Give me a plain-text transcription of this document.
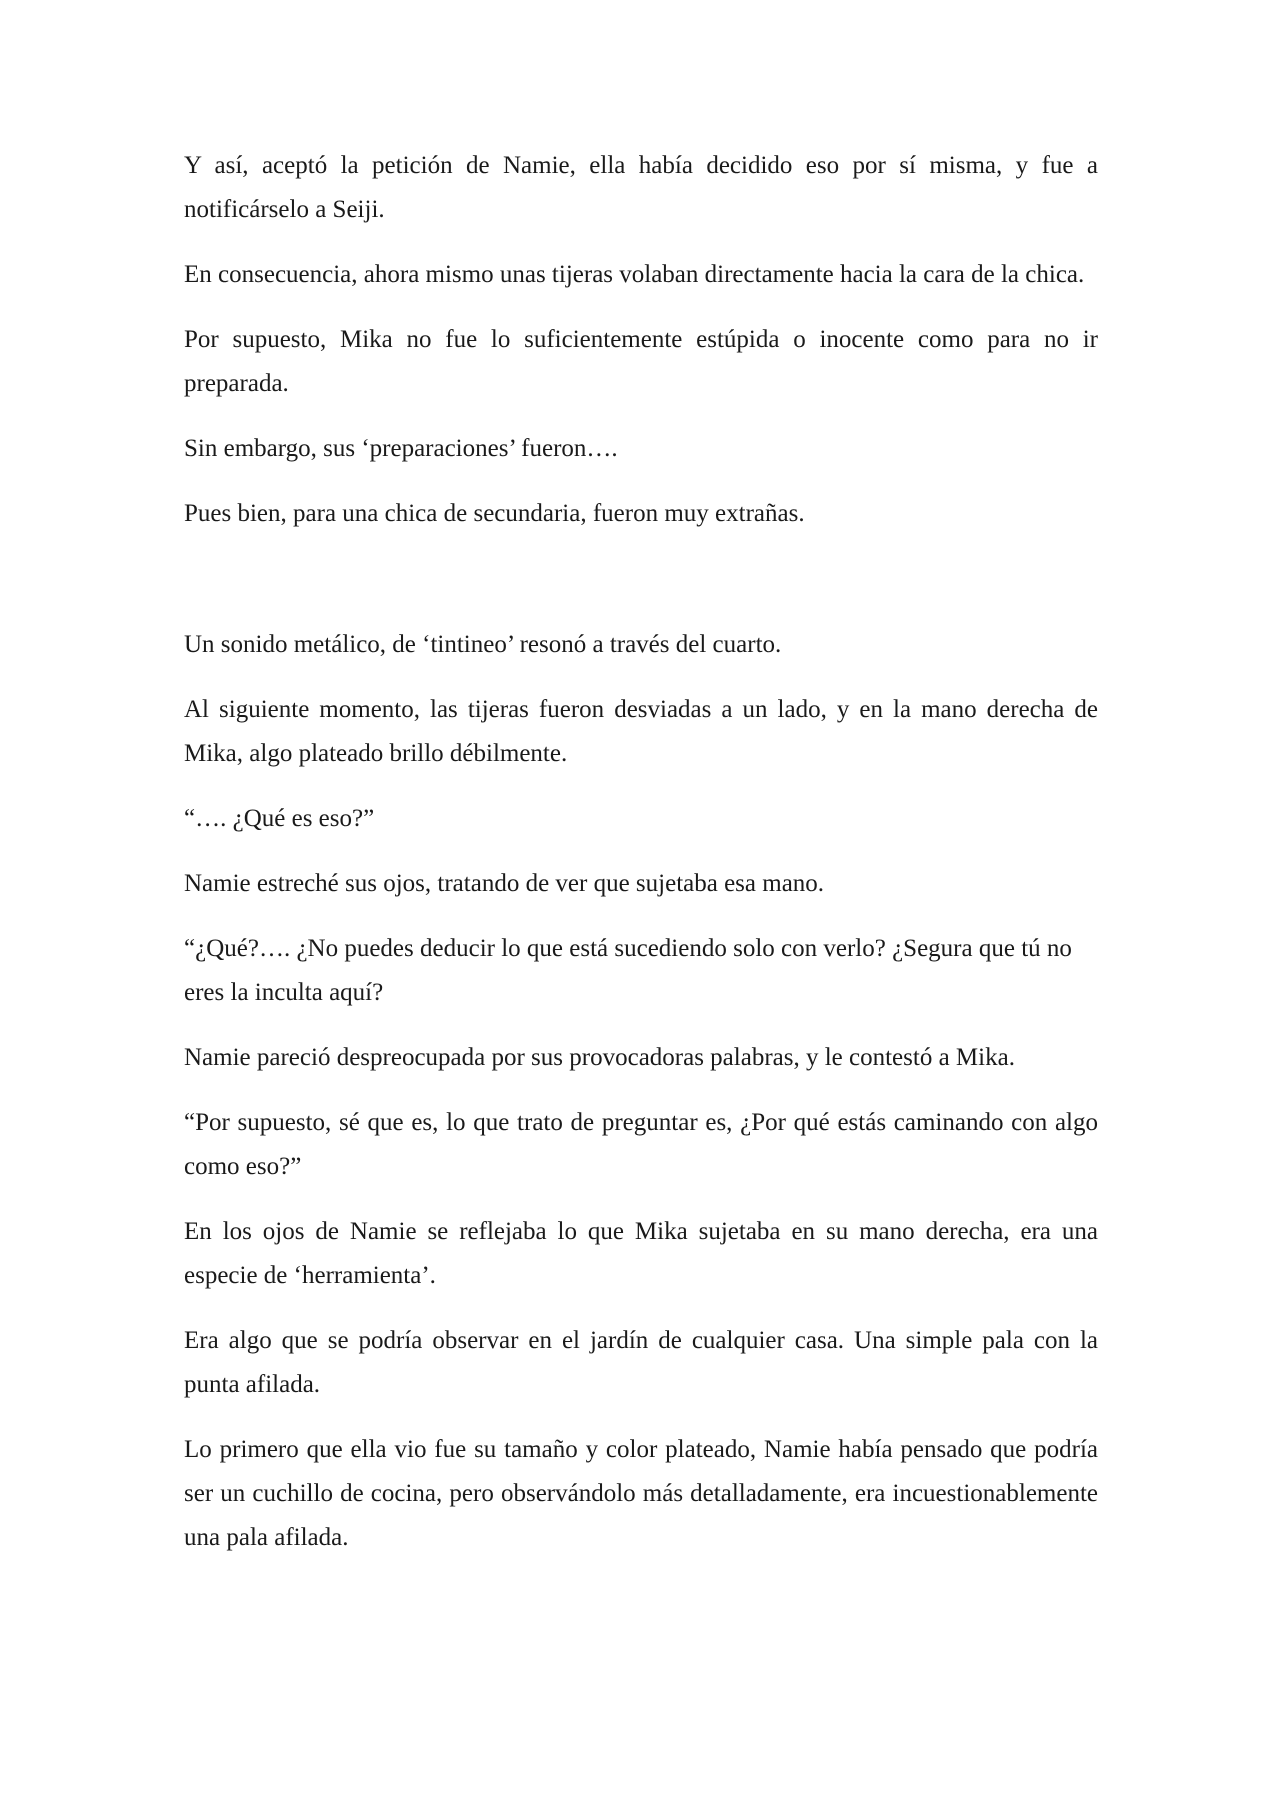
Y así, aceptó la petición de Namie, ella había decidido eso por sí misma, y fue a notificárselo a Seiji.

En consecuencia, ahora mismo unas tijeras volaban directamente hacia la cara de la chica.

Por supuesto, Mika no fue lo suficientemente estúpida o inocente como para no ir preparada.

Sin embargo, sus ‘preparaciones’ fueron….

Pues bien, para una chica de secundaria, fueron muy extrañas.

Un sonido metálico, de ‘tintineo’ resonó a través del cuarto.

Al siguiente momento, las tijeras fueron desviadas a un lado, y en la mano derecha de Mika, algo plateado brillo débilmente.

“…. ¿Qué es eso?”

Namie estreché sus ojos, tratando de ver que sujetaba esa mano.

“¿Qué?…. ¿No puedes deducir lo que está sucediendo solo con verlo? ¿Segura que tú no eres la inculta aquí?

Namie pareció despreocupada por sus provocadoras palabras, y le contestó a Mika.

“Por supuesto, sé que es, lo que trato de preguntar es, ¿Por qué estás caminando con algo como eso?”

En los ojos de Namie se reflejaba lo que Mika sujetaba en su mano derecha, era una especie de ‘herramienta’.

Era algo que se podría observar en el jardín de cualquier casa. Una simple pala con la punta afilada.

Lo primero que ella vio fue su tamaño y color plateado, Namie había pensado que podría ser un cuchillo de cocina, pero observándolo más detalladamente, era incuestionablemente una pala afilada.
